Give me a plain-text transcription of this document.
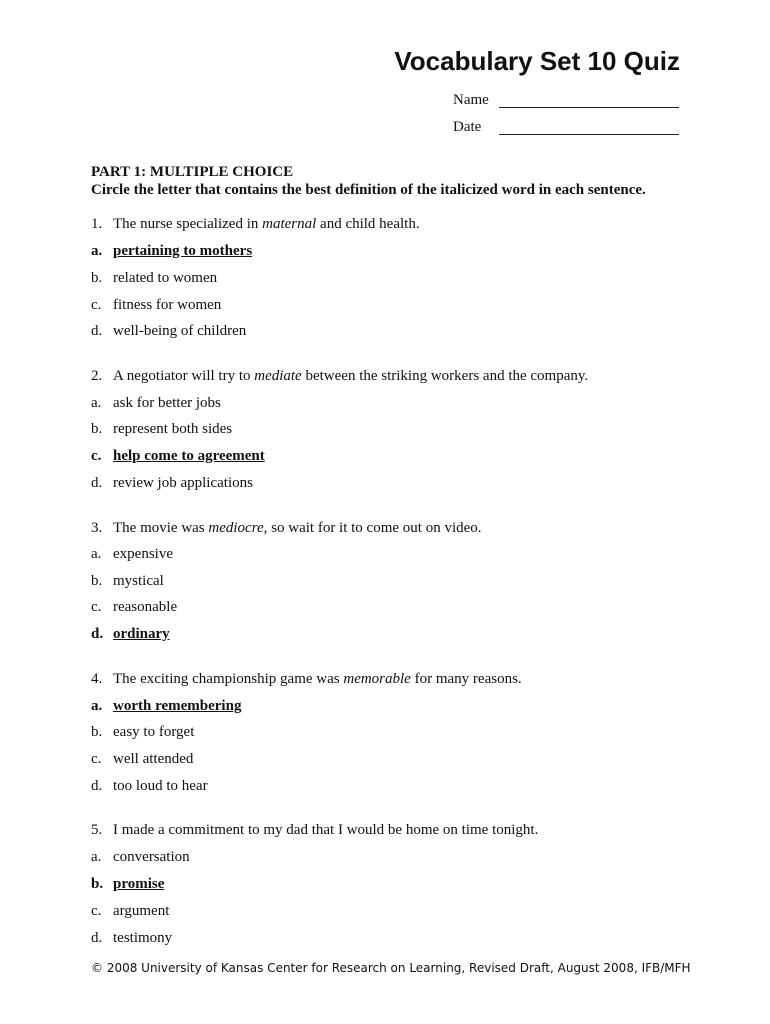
Vocabulary Set 10 Quiz
Name
Date
PART 1: MULTIPLE CHOICE
Circle the letter that contains the best definition of the italicized word in each sentence.
1. The nurse specialized in maternal and child health.
a. pertaining to mothers
b. related to women
c. fitness for women
d. well-being of children
2. A negotiator will try to mediate between the striking workers and the company.
a. ask for better jobs
b. represent both sides
c. help come to agreement
d. review job applications
3. The movie was mediocre, so wait for it to come out on video.
a. expensive
b. mystical
c. reasonable
d. ordinary
4. The exciting championship game was memorable for many reasons.
a. worth remembering
b. easy to forget
c. well attended
d. too loud to hear
5. I made a commitment to my dad that I would be home on time tonight.
a. conversation
b. promise
c. argument
d. testimony
© 2008 University of Kansas Center for Research on Learning, Revised Draft, August 2008, IFB/MFH
